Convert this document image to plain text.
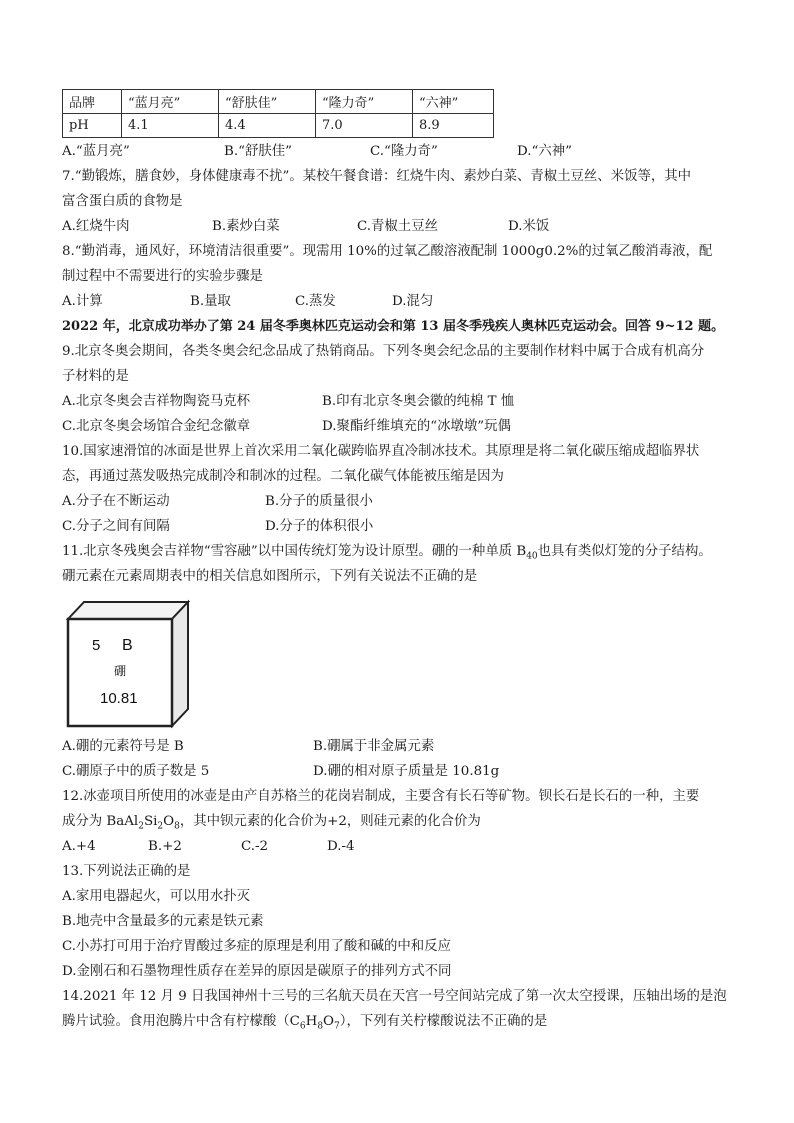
品牌	“蓝月亮”	“舒肤佳”	“隆力奇”	“六神”
pH	4.1	4.4	7.0	8.9
A.“蓝月亮”	B.“舒肤佳”	C.“隆力奇”	D.“六神”
7.“勤锻炼，膳食妙，身体健康毒不扰”。某校午餐食谱：红烧牛肉、素炒白菜、青椒土豆丝、米饭等，其中
富含蛋白质的食物是
A.红烧牛肉	B.素炒白菜	C.青椒土豆丝	D.米饭
8.“勤消毒，通风好，环境清洁很重要”。现需用 10%的过氧乙酸溶液配制 1000g0.2%的过氧乙酸消毒液，配
制过程中不需要进行的实验步骤是
A.计算	B.量取	C.蒸发	D.混匀
2022 年，北京成功举办了第 24 届冬季奥林匹克运动会和第 13 届冬季残疾人奥林匹克运动会。回答 9~12 题。
9.北京冬奥会期间，各类冬奥会纪念品成了热销商品。下列冬奥会纪念品的主要制作材料中属于合成有机高分
子材料的是
A.北京冬奥会吉祥物陶瓷马克杯	B.印有北京冬奥会徽的纯棉 T 恤
C.北京冬奥会场馆合金纪念徽章	D.聚酯纤维填充的“冰墩墩”玩偶
10.国家速滑馆的冰面是世界上首次采用二氧化碳跨临界直冷制冰技术。其原理是将二氧化碳压缩成超临界状
态，再通过蒸发吸热完成制冷和制冰的过程。二氧化碳气体能被压缩是因为
A.分子在不断运动	B.分子的质量很小
C.分子之间有间隔	D.分子的体积很小
11.北京冬残奥会吉祥物“雪容融”以中国传统灯笼为设计原型。硼的一种单质 $B_{40}$也具有类似灯笼的分子结构。
硼元素在元素周期表中的相关信息如图所示，下列有关说法不正确的是
5 B
硼
10.81
A.硼的元素符号是 B	B.硼属于非金属元素
C.硼原子中的质子数是 5	D.硼的相对原子质量是 10.81g
12.冰壶项目所使用的冰壶是由产自苏格兰的花岗岩制成，主要含有长石等矿物。钡长石是长石的一种，主要
成分为 $BaAl_2Si_2O_8$，其中钡元素的化合价为+2，则硅元素的化合价为
A.+4	B.+2	C.-2	D.-4
13.下列说法正确的是
A.家用电器起火，可以用水扑灭
B.地壳中含量最多的元素是铁元素
C.小苏打可用于治疗胃酸过多症的原理是利用了酸和碱的中和反应
D.金刚石和石墨物理性质存在差异的原因是碳原子的排列方式不同
14.2021 年 12 月 9 日我国神州十三号的三名航天员在天宫一号空间站完成了第一次太空授课，压轴出场的是泡
腾片试验。食用泡腾片中含有柠檬酸$(C_6H_8O_7)$，下列有关柠檬酸说法不正确的是
